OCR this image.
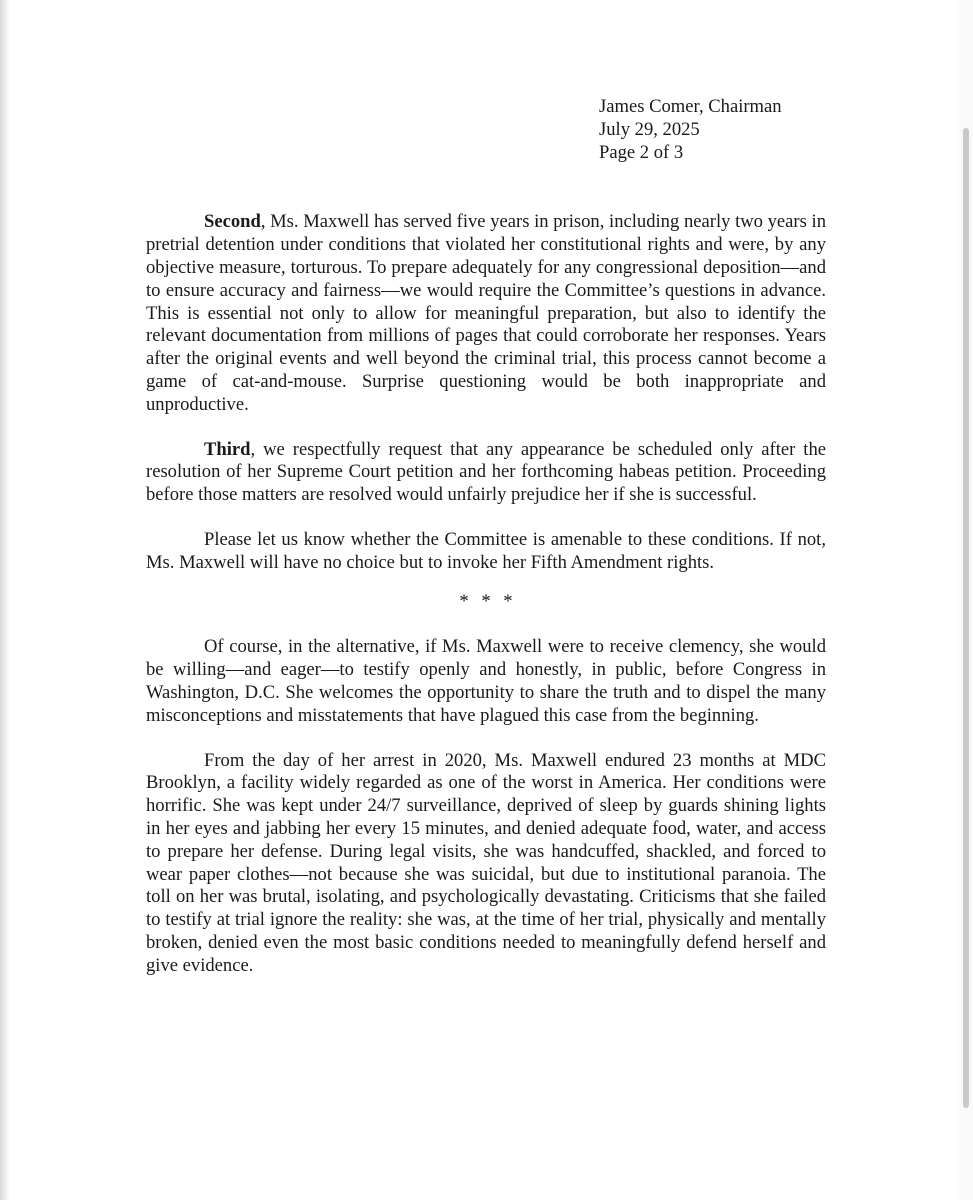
James Comer, Chairman
July 29, 2025
Page 2 of 3

Second, Ms. Maxwell has served five years in prison, including nearly two years in pretrial detention under conditions that violated her constitutional rights and were, by any objective measure, torturous. To prepare adequately for any congressional deposition—and to ensure accuracy and fairness—we would require the Committee’s questions in advance. This is essential not only to allow for meaningful preparation, but also to identify the relevant documentation from millions of pages that could corroborate her responses. Years after the original events and well beyond the criminal trial, this process cannot become a game of cat-and-mouse. Surprise questioning would be both inappropriate and unproductive.

Third, we respectfully request that any appearance be scheduled only after the resolution of her Supreme Court petition and her forthcoming habeas petition. Proceeding before those matters are resolved would unfairly prejudice her if she is successful.

Please let us know whether the Committee is amenable to these conditions. If not, Ms. Maxwell will have no choice but to invoke her Fifth Amendment rights.

* * *

Of course, in the alternative, if Ms. Maxwell were to receive clemency, she would be willing—and eager—to testify openly and honestly, in public, before Congress in Washington, D.C. She welcomes the opportunity to share the truth and to dispel the many misconceptions and misstatements that have plagued this case from the beginning.

From the day of her arrest in 2020, Ms. Maxwell endured 23 months at MDC Brooklyn, a facility widely regarded as one of the worst in America. Her conditions were horrific. She was kept under 24/7 surveillance, deprived of sleep by guards shining lights in her eyes and jabbing her every 15 minutes, and denied adequate food, water, and access to prepare her defense. During legal visits, she was handcuffed, shackled, and forced to wear paper clothes—not because she was suicidal, but due to institutional paranoia. The toll on her was brutal, isolating, and psychologically devastating. Criticisms that she failed to testify at trial ignore the reality: she was, at the time of her trial, physically and mentally broken, denied even the most basic conditions needed to meaningfully defend herself and give evidence.
